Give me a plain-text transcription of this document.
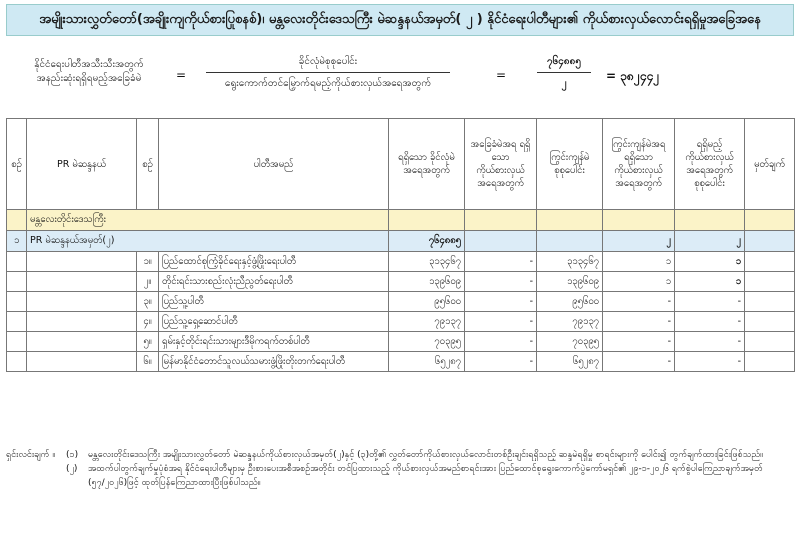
အမျိုးသားလွှတ်တော်(အချိုးကျကိုယ်စားပြုစနစ်)၊ မန္တလေးတိုင်းဒေသကြီး မဲဆန္ဒနယ်အမှတ်( ၂ ) နိုင်ငံရေးပါတီများ၏ ကိုယ်စားလှယ်လောင်းရရှိမှုအခြေအနေ
နိုင်ငံရေးပါတီအသီးသီးအတွက် အနည်းဆုံးရရှိရမည့်အခြေခံမဲ	=
ခိုင်လုံမဲစုစုပေါင်း
ရွေးကောက်တင်မြှောက်ရမည့်ကိုယ်စားလှယ်အရေအတွက်
=
၇၆၄၈၈၅
၂
= ၃၈၂၄၄၂
စဉ်	PR မဲဆန္ဒနယ်	စဉ်	ပါတီအမည်	ရရှိသော ခိုင်လုံမဲ အရေအတွက်	အခြေခံမဲအရ ရရှိသော ကိုယ်စားလှယ် အရေအတွက်	ကြွင်းကျန်မဲ စုစုပေါင်း	ကြွင်းကျန်မဲအရ ရရှိသော ကိုယ်စားလှယ် အရေအတွက်	ရရှိမည့် ကိုယ်စားလှယ် အရေအတွက် စုစုပေါင်း	မှတ်ချက်
	မန္တလေးတိုင်းဒေသကြီး								
၁	PR မဲဆန္ဒနယ်အမှတ်(၂)			၇၆၄၈၈၅			၂	၂	
		၁။	ပြည်ထောင်စုကြံ့ခိုင်ရေးနှင့်ဖွံ့ဖြိုးရေးပါတီ	၃၁၃၄၆၇	-	၃၁၃၄၆၇	၁	၁	
		၂။	တိုင်းရင်းသားစည်းလုံးညီညွတ်ရေးပါတီ	၁၃၉၆၀၉	-	၁၃၉၆၀၉	၁	၁	
		၃။	ပြည်သူ့ပါတီ	၉၅၆၀၀	-	၉၅၆၀၀	-	-	
		၄။	ပြည်သူ့ရှေ့ဆောင်ပါတီ	၇၉၁၃၇	-	၇၉၁၃၇	-	-	
		၅။	ရှမ်းနှင့်တိုင်းရင်းသားများဒီမိုကရက်တစ်ပါတီ	၇၀၃၉၅	-	၇၀၃၉၅	-	-	
		၆။	မြန်မာနိုင်ငံတောင်သူလယ်သမားဖွံ့ဖြိုးတိုးတက်ရေးပါတီ	၆၅၂၈၇	-	၆၅၂၈၇	-	-	
ရှင်းလင်းချက် ။	(၁)	မန္တလေးတိုင်းဒေသကြီး အမျိုးသားလွှတ်တော် မဲဆန္ဒနယ်ကိုယ်စားလှယ်အမှတ်(၂)နှင့် (၃)တို့၏ လွှတ်တော်ကိုယ်စားလှယ်လောင်းတစ်ဦးချင်းရရှိသည့် ဆန္ဒမဲရရှိမှု စာရင်းများကို ပေါင်း၍ တွက်ချက်ထားခြင်းဖြစ်သည်။
(၂)	အထက်ပါတွက်ချက်မှုပုံစံအရ နိုင်ငံရေးပါတီများမှ ဦးစားပေးအစီအစဉ်အတိုင်း တင်ပြထားသည့် ကိုယ်စားလှယ်အမည်စာရင်းအား ပြည်ထောင်စုရွေးကောက်ပွဲကော်မရှင်၏ ၂၉-၁-၂၀၂၆ ရက်စွဲပါကြေညာချက်အမှတ် (၅၇/၂၀၂၆)ဖြင့် ထုတ်ပြန်ကြေညာထားပြီးဖြစ်ပါသည်။
